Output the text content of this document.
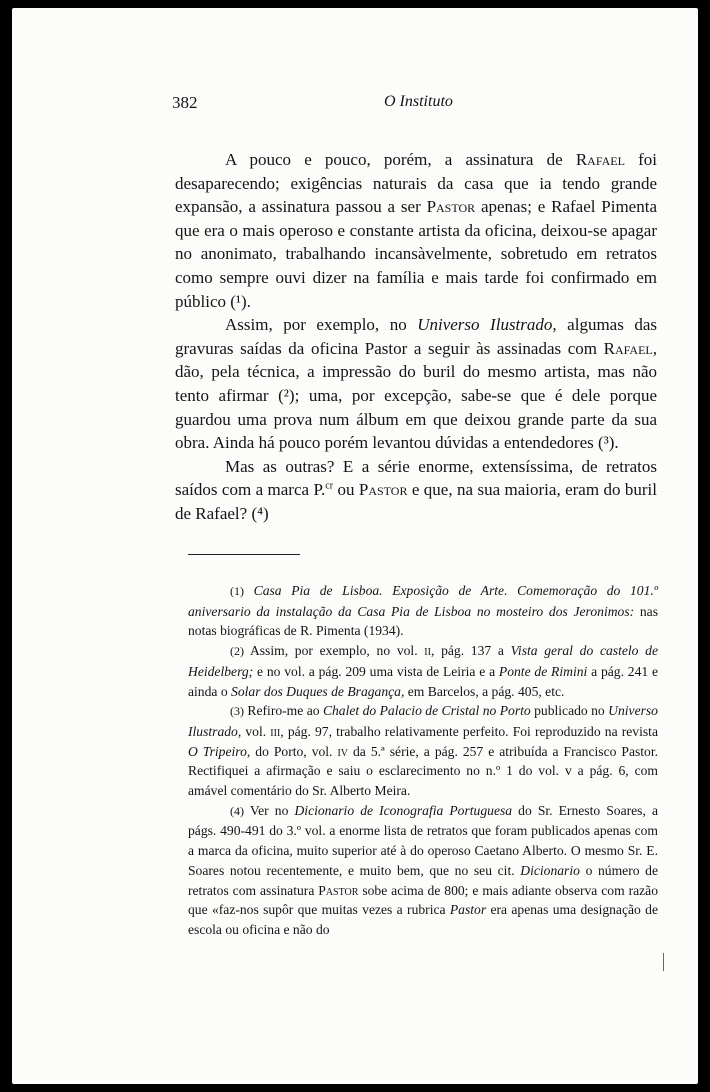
382	O Instituto

A pouco e pouco, porém, a assinatura de Rafael foi desaparecendo; exigências naturais da casa que ia tendo grande expansão, a assinatura passou a ser Pastor apenas; e Rafael Pimenta que era o mais operoso e constante artista da oficina, deixou-se apagar no anonimato, trabalhando incansàvelmente, sobretudo em retratos como sempre ouvi dizer na família e mais tarde foi confirmado em público (¹).

Assim, por exemplo, no Universo Ilustrado, algumas das gravuras saídas da oficina Pastor a seguir às assinadas com Rafael, dão, pela técnica, a impressão do buril do mesmo artista, mas não tento afirmar (²); uma, por excepção, sabe-se que é dele porque guardou uma prova num álbum em que deixou grande parte da sua obra. Ainda há pouco porém levantou dúvidas a entendedores (³).

Mas as outras? E a série enorme, extensíssima, de retratos saídos com a marca P.$^{cr}$ ou Pastor e que, na sua maioria, eram do buril de Rafael? (⁴)

(1) Casa Pia de Lisboa. Exposição de Arte. Comemoração do 101.º aniversario da instalação da Casa Pia de Lisboa no mosteiro dos Jeronimos: nas notas biográficas de R. Pimenta (1934).

(2) Assim, por exemplo, no vol. ii, pág. 137 a Vista geral do castelo de Heidelberg; e no vol. a pág. 209 uma vista de Leiria e a Ponte de Rimini a pág. 241 e ainda o Solar dos Duques de Bragança, em Barcelos, a pág. 405, etc.

(3) Refiro-me ao Chalet do Palacio de Cristal no Porto publicado no Universo Ilustrado, vol. iii, pág. 97, trabalho relativamente perfeito. Foi reproduzido na revista O Tripeiro, do Porto, vol. iv da 5.ª série, a pág. 257 e atribuída a Francisco Pastor. Rectifiquei a afirmação e saiu o esclarecimento no n.º 1 do vol. v a pág. 6, com amável comentário do Sr. Alberto Meira.

(4) Ver no Dicionario de Iconografia Portuguesa do Sr. Ernesto Soares, a págs. 490-491 do 3.º vol. a enorme lista de retratos que foram publicados apenas com a marca da oficina, muito superior até à do operoso Caetano Alberto. O mesmo Sr. E. Soares notou recentemente, e muito bem, que no seu cit. Dicionario o número de retratos com assinatura Pastor sobe acima de 800; e mais adiante observa com razão que «faz-nos supôr que muitas vezes a rubrica Pastor era apenas uma designação de escola ou oficina e não do
